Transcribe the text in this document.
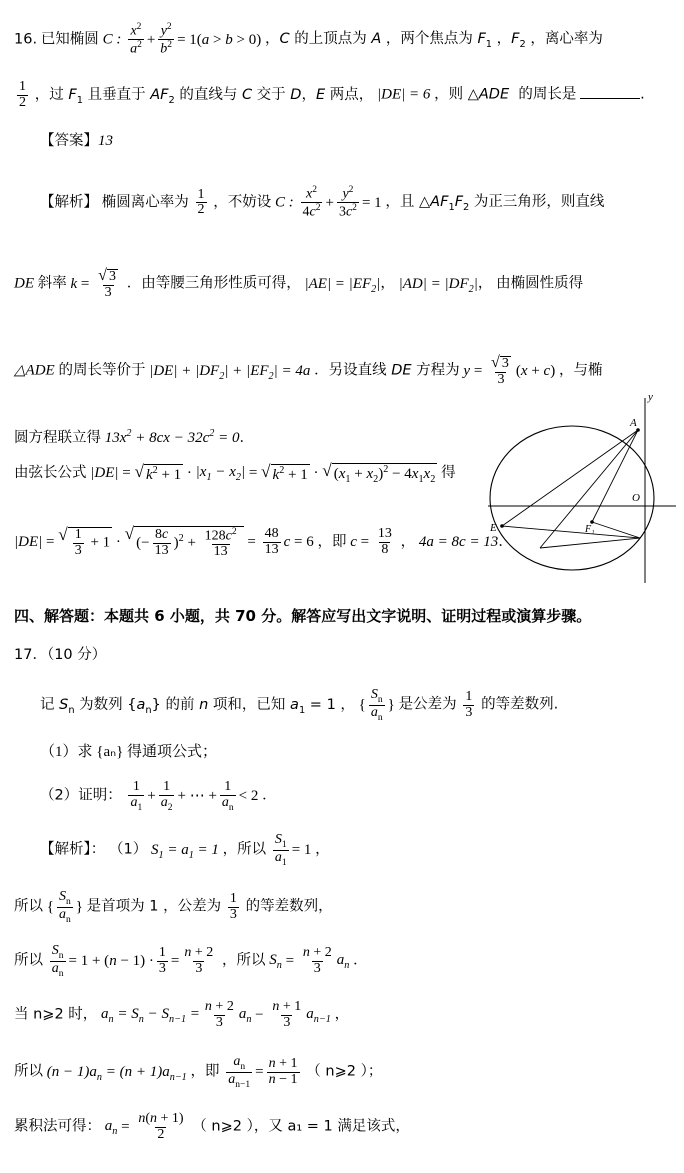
16. 已知椭圆 C : $\frac{x^2}{a^2} + \frac{y^2}{b^2} = 1(a > b > 0)$ ，C 的上顶点为 A ，两个焦点为 $F_1$ ，$F_2$ ，离心率为
$\frac{1}{2}$ ，过 $F_1$ 且垂直于 $AF_2$ 的直线与 C 交于 D，E 两点， |DE| = 6 ，则 △ADE  的周长是	.
【答案】13
【解析】 椭圆离心率为 $\frac{1}{2}$ ，不妨设 C : $\frac{x^2}{4c^2} + \frac{y^2}{3c^2} = 1$ ，且 $\triangle AF_1F_2$ 为正三角形，则直线
DE 斜率 $k = \frac{√ 3}{3}$ ．由等腰三角形性质可得， $|AE| = |EF_2|$， $|AD| = |DF_2|$， 由椭圆性质得
△ADE 的周长等价于 $|DE| + |DF_2| + |EF_2| = 4a$ ．另设直线 DE 方程为 $y = \frac{√ 3}{3} (x + c)$ ，与椭
圆方程联立得 $13x^2 + 8cx - 32c^2 = 0$．
由弦长公式 |DE| = √ $k^2 + 1 \cdot |x_1 - x_2|$ = √ $k^2 + 1$ · √ $(x_1 + x_2)^2 - 4x_1x_2$ 得
|DE| = √ $\frac{1}{3} + 1$ · √ (− $\frac{8c}{13} )^2 + \frac{128c^2}{13} = \frac{48}{13}$ c = 6 ，即 $c = \frac{13}{8}$ ， 4a = 8c = 13．
y
A
O
E	F₁
四、解答题：本题共 6 小题，共 70 分。解答应写出文字说明、证明过程或演算步骤。
17．（10 分）
记 $S_n$ 为数列 $\{a_n\}$ 的前 n 项和，已知 $a_1 = 1$ ， { $\frac{S_n}{a_n}$ } 是公差为 $\frac{1}{3}$ 的等差数列.
（1）求 {aₙ} 得通项公式；
（2）证明： $\frac{1}{a_1} + \frac{1}{a_2}$ + ⋯ + $\frac{1}{a_n} < 2$ ．
【解析】： （1） $S_1 = a_1 = 1$ ，所以 $\frac{S_1}{a_1} = 1$ ，
所以 { $\frac{S_n}{a_n}$ } 是首项为 1 ，公差为 $\frac{1}{3}$ 的等差数列，
所以 $\frac{S_n}{a_n} = 1 + (n - 1) \cdot \frac{1}{3} = \frac{n + 2}{3}$ ，所以 $S_n = \frac{n + 2}{3} a_n$ ．
当 n⩾2 时， $a_n = S_n - S_{n-1} = \frac{n + 2}{3} a_n - \frac{n + 1}{3} a_{n-1}$ ，
所以 $(n - 1)a_n = (n + 1)a_{n-1}$ ，即 $\frac{a_n}{a_{n-1}} = \frac{n + 1}{n - 1}$ （ n⩾2 ）；
累积法可得： $a_n = \frac{n(n + 1)}{2}$ （ n⩾2 ），又 a₁ = 1 满足该式，
